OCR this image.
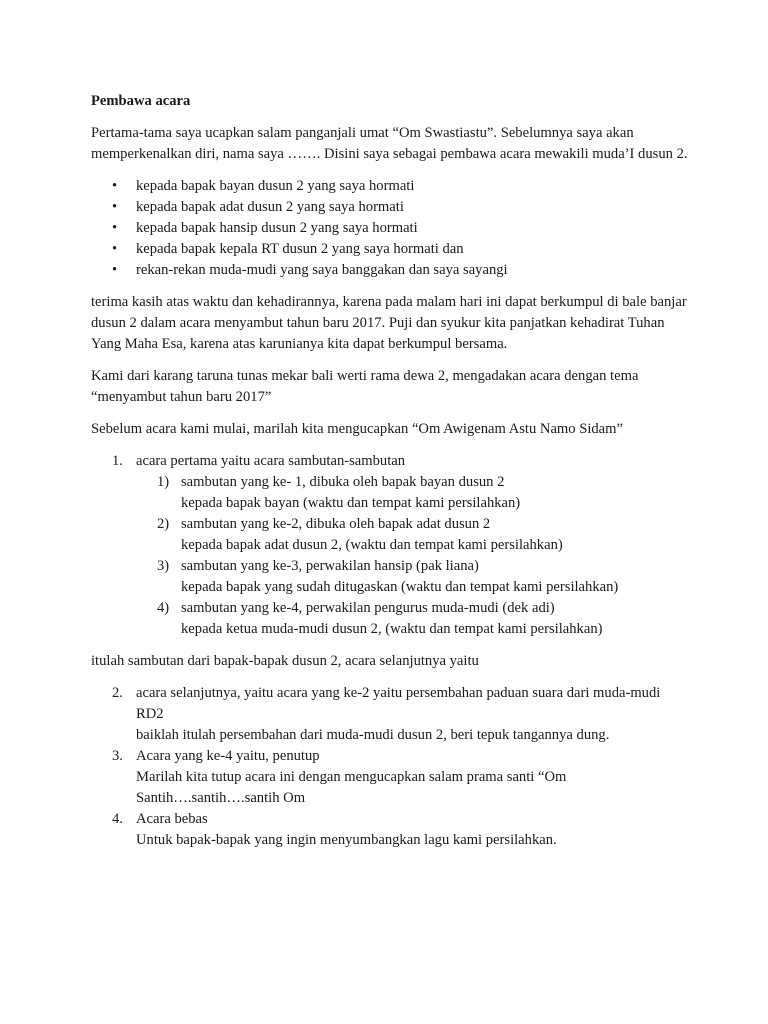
Pembawa acara

Pertama-tama saya ucapkan salam panganjali umat “Om Swastiastu”. Sebelumnya saya akan memperkenalkan diri, nama saya ……. Disini saya sebagai pembawa acara mewakili muda’I dusun 2.

• kepada bapak bayan dusun 2 yang saya hormati
• kepada bapak adat dusun 2 yang saya hormati
• kepada bapak hansip dusun 2 yang saya hormati
• kepada bapak kepala RT dusun 2 yang saya hormati dan
• rekan-rekan muda-mudi yang saya banggakan dan saya sayangi

terima kasih atas waktu dan kehadirannya, karena pada malam hari ini dapat berkumpul di bale banjar dusun 2 dalam acara menyambut tahun baru 2017. Puji dan syukur kita panjatkan kehadirat Tuhan Yang Maha Esa, karena atas karunianya kita dapat berkumpul bersama.

Kami dari karang taruna tunas mekar bali werti rama dewa 2, mengadakan acara dengan tema “menyambut tahun baru 2017”

Sebelum acara kami mulai, marilah kita mengucapkan “Om Awigenam Astu Namo Sidam”

1. acara pertama yaitu acara sambutan-sambutan
1) sambutan yang ke- 1, dibuka oleh bapak bayan dusun 2
kepada bapak bayan (waktu dan tempat kami persilahkan)
2) sambutan yang ke-2, dibuka oleh bapak adat dusun 2
kepada bapak adat dusun 2, (waktu dan tempat kami persilahkan)
3) sambutan yang ke-3, perwakilan hansip (pak liana)
kepada bapak yang sudah ditugaskan (waktu dan tempat kami persilahkan)
4) sambutan yang ke-4, perwakilan pengurus muda-mudi (dek adi)
kepada ketua muda-mudi dusun 2, (waktu dan tempat kami persilahkan)

itulah sambutan dari bapak-bapak dusun 2, acara selanjutnya yaitu

2. acara selanjutnya, yaitu acara yang ke-2 yaitu persembahan paduan suara dari muda-mudi RD2
baiklah itulah persembahan dari muda-mudi dusun 2, beri tepuk tangannya dung.
3. Acara yang ke-4 yaitu, penutup
Marilah kita tutup acara ini dengan mengucapkan salam prama santi “Om Santih….santih….santih Om
4. Acara bebas
Untuk bapak-bapak yang ingin menyumbangkan lagu kami persilahkan.
